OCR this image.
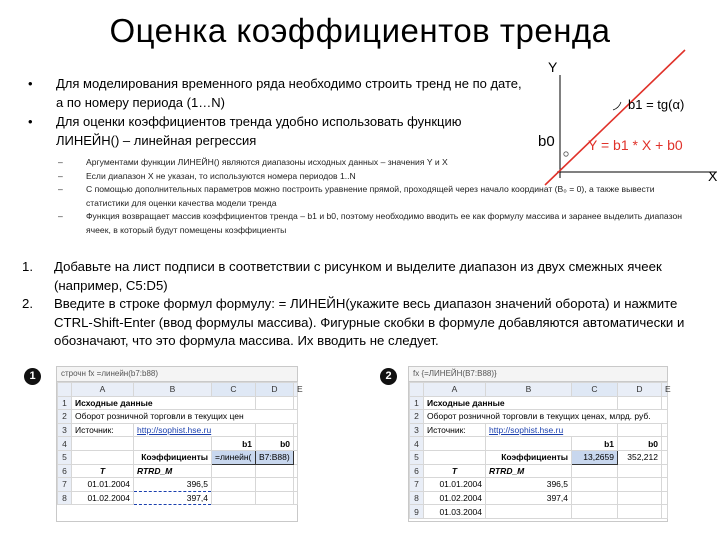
Оценка коэффициентов тренда
• Для моделирования временного ряда необходимо строить тренд не по дате, а по номеру периода (1…N)
• Для оценки коэффициентов тренда удобно использовать функцию ЛИНЕЙН() – линейная регрессия
Y
X
b0
b1 = tg(α)
Y = b1 * X + b0
– Аргументами функции ЛИНЕЙН() являются диапазоны исходных данных – значения Y и X
– Если диапазон X не указан, то используются номера периодов 1..N
– С помощью дополнительных параметров можно построить уравнение прямой, проходящей через начало координат (B₀ = 0), а также вывести статистики для оценки качества модели тренда
– Функция возвращает массив коэффициентов тренда – b1 и b0, поэтому необходимо вводить ее как формулу массива и заранее выделить диапазон ячеек, в который будут помещены коэффициенты
1. Добавьте на лист подписи в соответствии с рисунком и выделите диапазон из двух смежных ячеек (например, C5:D5)
2. Введите в строке формул формулу: = ЛИНЕЙН(укажите весь диапазон значений оборота) и нажмите CTRL-Shift-Enter (ввод формулы массива). Фигурные скобки в формуле добавляются автоматически и обозначают, что это формула массива. Их вводить не следует.
1	2
строчн fx =линейн(b7:b88)
	A	B	C	D	E
1	Исходные данные				
2	Оборот розничной торговли в текущих цен				
3	Источник:	http://sophist.hse.ru			
4			b1	b0	
5		Коэффициенты	=линейн(	B7:B88)	
6	T	RTRD_M			
7	01.01.2004	396,5			
8	01.02.2004	397,4			
fx {=ЛИНЕЙН(B7:B88)}
	A	B	C	D	E
1	Исходные данные				
2	Оборот розничной торговли в текущих ценах, млрд. руб.				
3	Источник:	http://sophist.hse.ru			
4			b1	b0	
5		Коэффициенты	13,2659	352,212	
6	T	RTRD_M			
7	01.01.2004	396,5			
8	01.02.2004	397,4			
9	01.03.2004				
